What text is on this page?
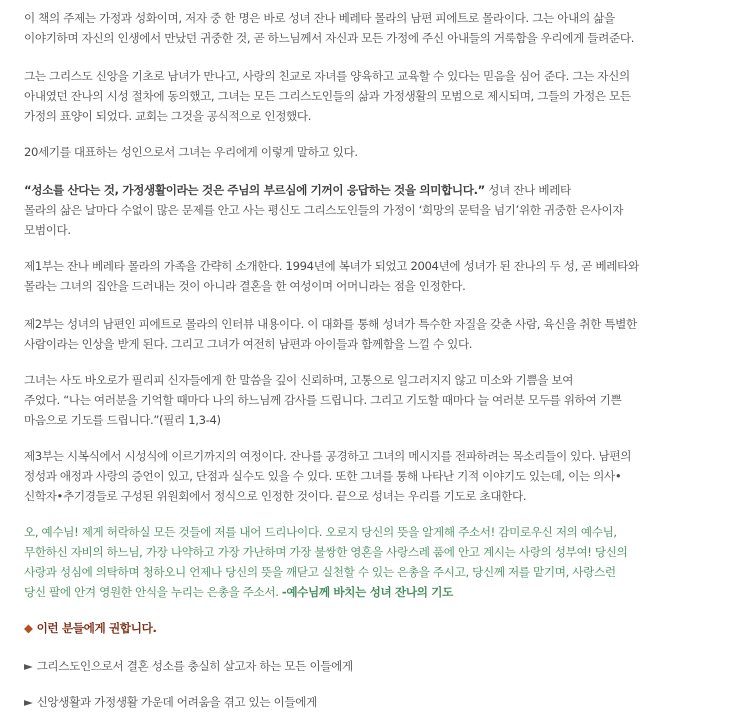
이 책의 주제는 가정과 성화이며, 저자 중 한 명은 바로 성녀 잔나 베레타 몰라의 남편 피에트로 몰라이다. 그는 아내의 삶을
이야기하며 자신의 인생에서 만났던 귀중한 것, 곧 하느님께서 자신과 모든 가정에 주신 아내들의 거룩함을 우리에게 들려준다.
그는 그리스도 신앙을 기초로 남녀가 만나고, 사랑의 친교로 자녀를 양육하고 교육할 수 있다는 믿음을 심어 준다. 그는 자신의
아내였던 잔나의 시성 절차에 동의했고, 그녀는 모든 그리스도인들의 삶과 가정생활의 모범으로 제시되며, 그들의 가정은 모든
가정의 표양이 되었다. 교회는 그것을 공식적으로 인정했다.
20세기를 대표하는 성인으로서 그녀는 우리에게 이렇게 말하고 있다.
“성소를 산다는 것, 가정생활이라는 것은 주님의 부르심에 기꺼이 응답하는 것을 의미합니다.” 성녀 잔나 베레타
몰라의 삶은 날마다 수없이 많은 문제를 안고 사는 평신도 그리스도인들의 가정이 ‘희망의 문턱을 넘기’위한 귀중한 은사이자
모범이다.
제1부는 잔나 베레타 몰라의 가족을 간략히 소개한다. 1994년에 복녀가 되었고 2004년에 성녀가 된 잔나의 두 성, 곧 베레타와
몰라는 그녀의 집안을 드러내는 것이 아니라 결혼을 한 여성이며 어머니라는 점을 인정한다.
제2부는 성녀의 남편인 피에트로 몰라의 인터뷰 내용이다. 이 대화를 통해 성녀가 특수한 자질을 갖춘 사람, 육신을 취한 특별한
사람이라는 인상을 받게 된다. 그리고 그녀가 여전히 남편과 아이들과 함께함을 느낄 수 있다.
그녀는 사도 바오로가 필리피 신자들에게 한 말씀을 깊이 신뢰하며, 고통으로 일그러지지 않고 미소와 기쁨을 보여
주었다. “나는 여러분을 기억할 때마다 나의 하느님께 감사를 드립니다. 그리고 기도할 때마다 늘 여러분 모두를 위하여 기쁜
마음으로 기도를 드립니다.”(필리 1,3-4)
제3부는 시복식에서 시성식에 이르기까지의 여정이다. 잔나를 공경하고 그녀의 메시지를 전파하려는 목소리들이 있다. 남편의
정성과 애정과 사랑의 증언이 있고, 단점과 실수도 있을 수 있다. 또한 그녀를 통해 나타난 기적 이야기도 있는데, 이는 의사•
신학자•추기경들로 구성된 위원회에서 정식으로 인정한 것이다. 끝으로 성녀는 우리를 기도로 초대한다.
오, 예수님! 제게 허락하실 모든 것들에 저를 내어 드리나이다. 오로지 당신의 뜻을 알게해 주소서! 감미로우신 저의 예수님,
무한하신 자비의 하느님, 가장 나약하고 가장 가난하며 가장 불쌍한 영혼을 사랑스레 품에 안고 계시는 사랑의 성부여! 당신의
사랑과 성심에 의탁하며 청하오니 언제나 당신의 뜻을 깨닫고 실천할 수 있는 은총을 주시고, 당신께 저를 맡기며, 사랑스런
당신 팔에 안겨 영원한 안식을 누리는 은총을 주소서. -예수님께 바치는 성녀 잔나의 기도
◆ 이런 분들에게 권합니다.
► 그리스도인으로서 결혼 성소를 충실히 살고자 하는 모든 이들에게
► 신앙생활과 가정생활 가운데 어려움을 겪고 있는 이들에게
